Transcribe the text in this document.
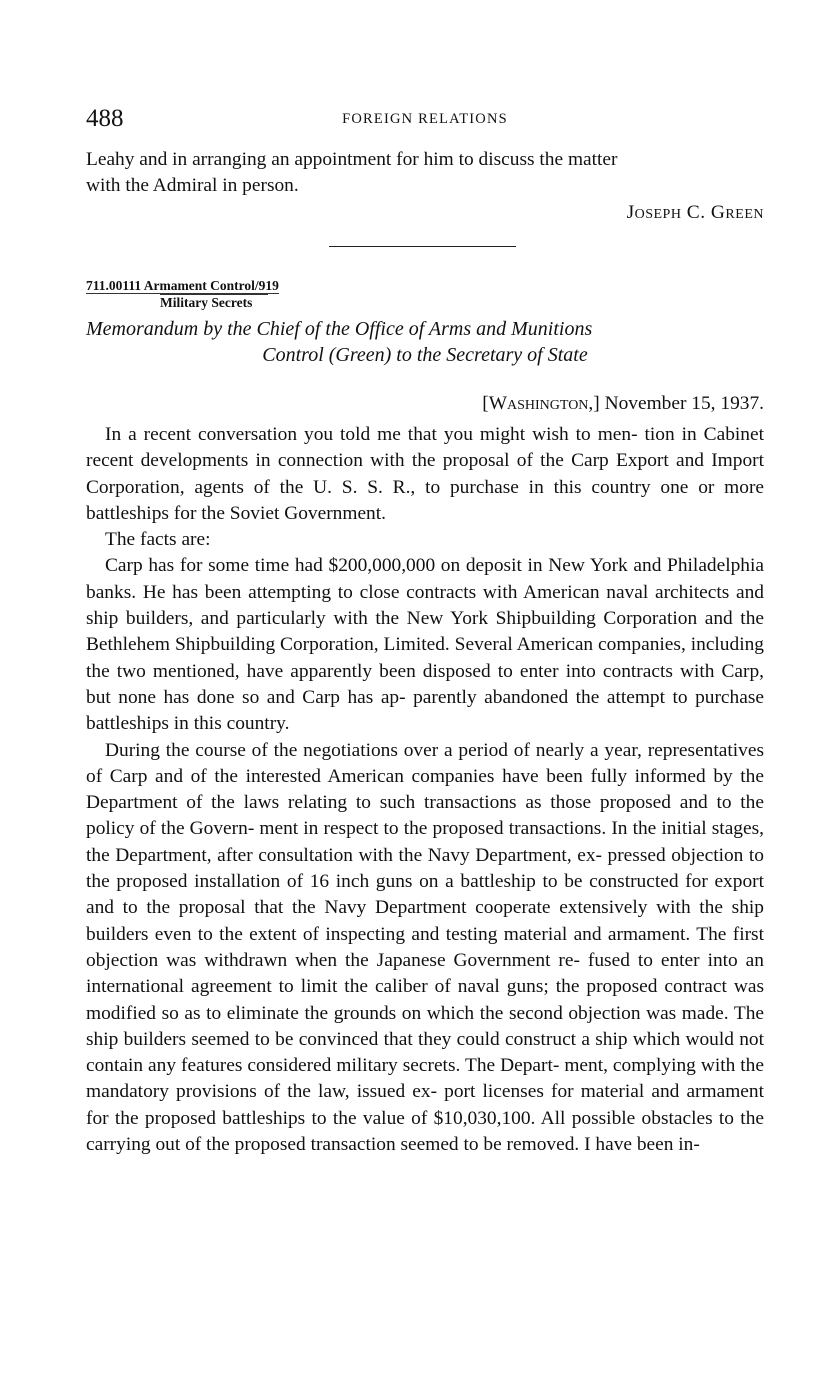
488	FOREIGN RELATIONS

Leahy and in arranging an appointment for him to discuss the matter

with the Admiral in person.

Joseph C. Green
711.00111 Armament Control/919
Military Secrets
Memorandum by the Chief of the Office of Arms and Munitions
Control (Green) to the Secretary of State
[Washington,] November 15, 1937.

In a recent conversation you told me that you might wish to men- tion in Cabinet recent developments in connection with the proposal of the Carp Export and Import Corporation, agents of the U. S. S. R., to purchase in this country one or more battleships for the Soviet Government.

The facts are:

Carp has for some time had $200,000,000 on deposit in New York and Philadelphia banks. He has been attempting to close contracts with American naval architects and ship builders, and particularly with the New York Shipbuilding Corporation and the Bethlehem Shipbuilding Corporation, Limited. Several American companies, including the two mentioned, have apparently been disposed to enter into contracts with Carp, but none has done so and Carp has ap- parently abandoned the attempt to purchase battleships in this country.

During the course of the negotiations over a period of nearly a year, representatives of Carp and of the interested American companies have been fully informed by the Department of the laws relating to such transactions as those proposed and to the policy of the Govern- ment in respect to the proposed transactions. In the initial stages, the Department, after consultation with the Navy Department, ex- pressed objection to the proposed installation of 16 inch guns on a battleship to be constructed for export and to the proposal that the Navy Department cooperate extensively with the ship builders even to the extent of inspecting and testing material and armament. The first objection was withdrawn when the Japanese Government re- fused to enter into an international agreement to limit the caliber of naval guns; the proposed contract was modified so as to eliminate the grounds on which the second objection was made. The ship builders seemed to be convinced that they could construct a ship which would not contain any features considered military secrets. The Depart- ment, complying with the mandatory provisions of the law, issued ex- port licenses for material and armament for the proposed battleships to the value of $10,030,100. All possible obstacles to the carrying out of the proposed transaction seemed to be removed. I have been in-
